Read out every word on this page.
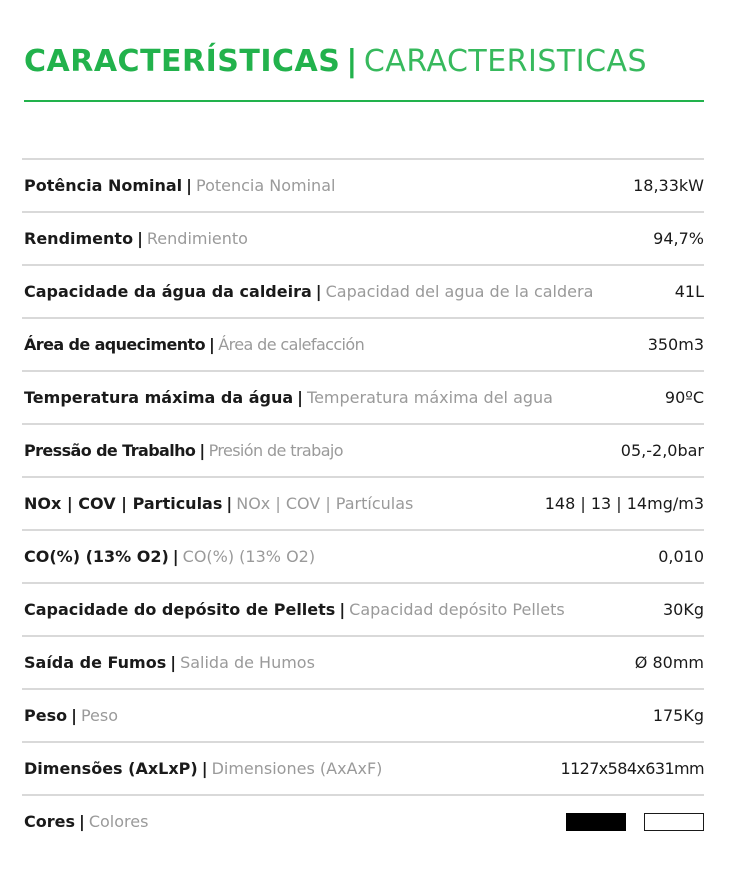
CARACTERÍSTICAS | CARACTERISTICAS
Potência Nominal | Potencia Nominal	18,33kW
Rendimento | Rendimiento	94,7%
Capacidade da água da caldeira | Capacidad del agua de la caldera	41L
Área de aquecimento | Área de calefacción	350m3
Temperatura máxima da água | Temperatura máxima del agua	90ºC
Pressão de Trabalho | Presión de trabajo	05,-2,0bar
NOx | COV | Particulas | NOx | COV | Partículas	148 | 13 | 14mg/m3
CO(%) (13% O2) | CO(%) (13% O2)	0,010
Capacidade do depósito de Pellets | Capacidad depósito Pellets	30Kg
Saída de Fumos | Salida de Humos	Ø 80mm
Peso | Peso	175Kg
Dimensões (AxLxP) | Dimensiones (AxAxF)	1127x584x631mm
Cores | Colores
